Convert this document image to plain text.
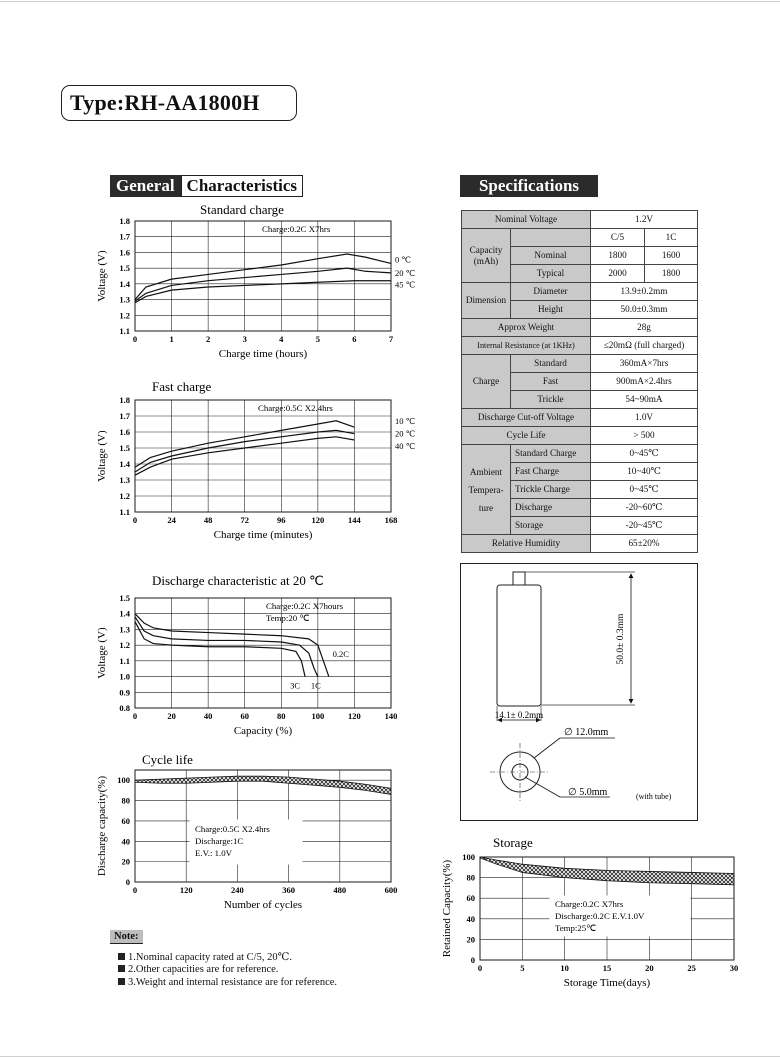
Type:RH-AA1800H
General Characteristics	Specifications
Nominal Voltage		1.2V	
Capacity (mAh)		C/5	1C
	Nominal	1800	1600
	Typical	2000	1800
Dimension	Diameter	13.9±0.2mm	
	Height	50.0±0.3mm	
Approx Weight		28g	
Internal Resistance (at 1KHz)		≤20mΩ (full charged)	
Charge	Standard	360mA×7hrs	
	Fast	900mA×2.4hrs	
	Trickle	54~90mA	
Discharge Cut-off Voltage		1.0V	
Cycle Life		> 500	

Ambient
Tempera-
ture	Standard Charge	0~45℃	
	Fast Charge	10~40℃	
	Trickle Charge	0~45℃	
	Discharge	-20~60℃	
	Storage	-20~45℃	
Relative Humidity		65±20%	
50.0± 0.3mm
14.1± 0.2mm
∅ 12.0mm
∅ 5.0mm	(with tube)
Standard charge
0	1	2	3	4	5	6	7
1.1
1.2
1.3
1.4
1.5
1.6
1.7
1.8
Charge time (hours)
Voltage (V)	0 ℃
20 ℃
45 ℃
Charge:0.2C X7hrs
Fast charge
0	24	48	72	96	120	144	168
1.1
1.2
1.3
1.4
1.5
1.6
1.7
1.8
Charge time (minutes)
Voltage (V)
10 ℃
20 ℃
40 ℃
Charge:0.5C X2.4hrs
Discharge characteristic at 20 ℃
0	20	40	60	80	100	120	140
0.8
0.9
1.0
1.1
1.2
1.3
1.4
1.5
Capacity (%)
Voltage (V)	0.2C
1C
3C
Charge:0.2C X7hours
Temp:20 ℃
Cycle life
0	120	240	360	480	600
0
20
40
60
80
100
Number of cycles
Discharge capacity(%)	Charge:0.5C X2.4hrs
Discharge:1C
E.V.: 1.0V
Storage
0	5	10	15	20	25	30
0
20
40
60
80
100
Storage Time(days)
Retained Capacity(%)	Charge:0.2C X7hrs
Discharge:0.2C E.V.1.0V
Temp:25℃
Note:
1.Nominal capacity rated at C/5, 20℃.
2.Other capacities are for reference.
3.Weight and internal resistance are for reference.
